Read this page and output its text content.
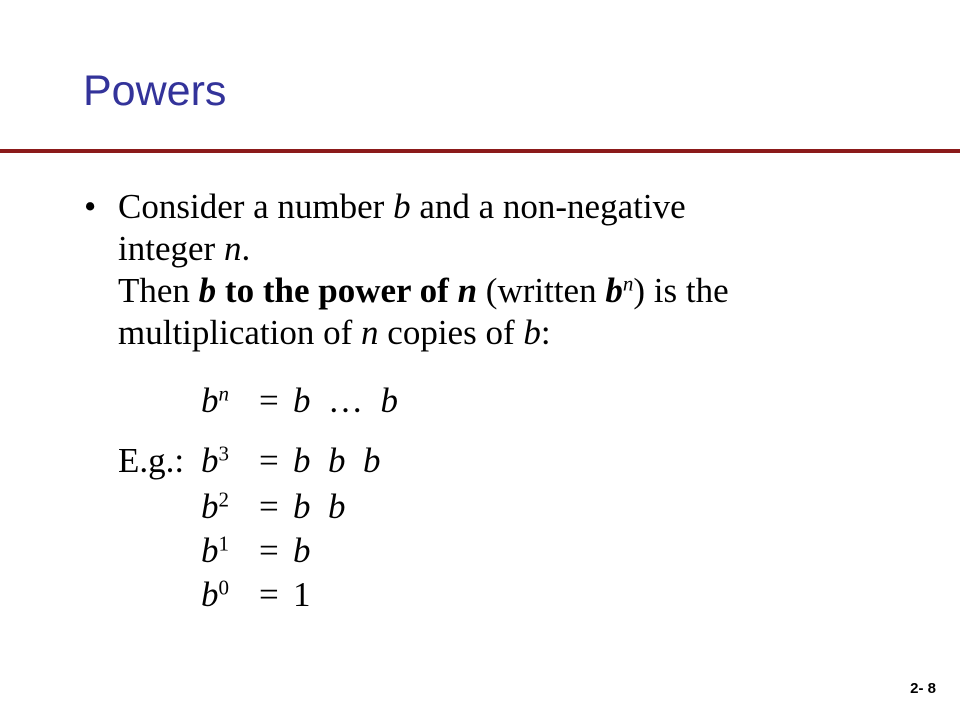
Powers
• Consider a number b and a non-negative

integer n.

Then b to the power of n (written $b^n$) is the

multiplication of n copies of b:

$b^n = b$ … b
E.g.: $b^3 = b$ b b
$b^2 = b$ b
$b^1 = b$
$b^0 = 1$
2- 8
